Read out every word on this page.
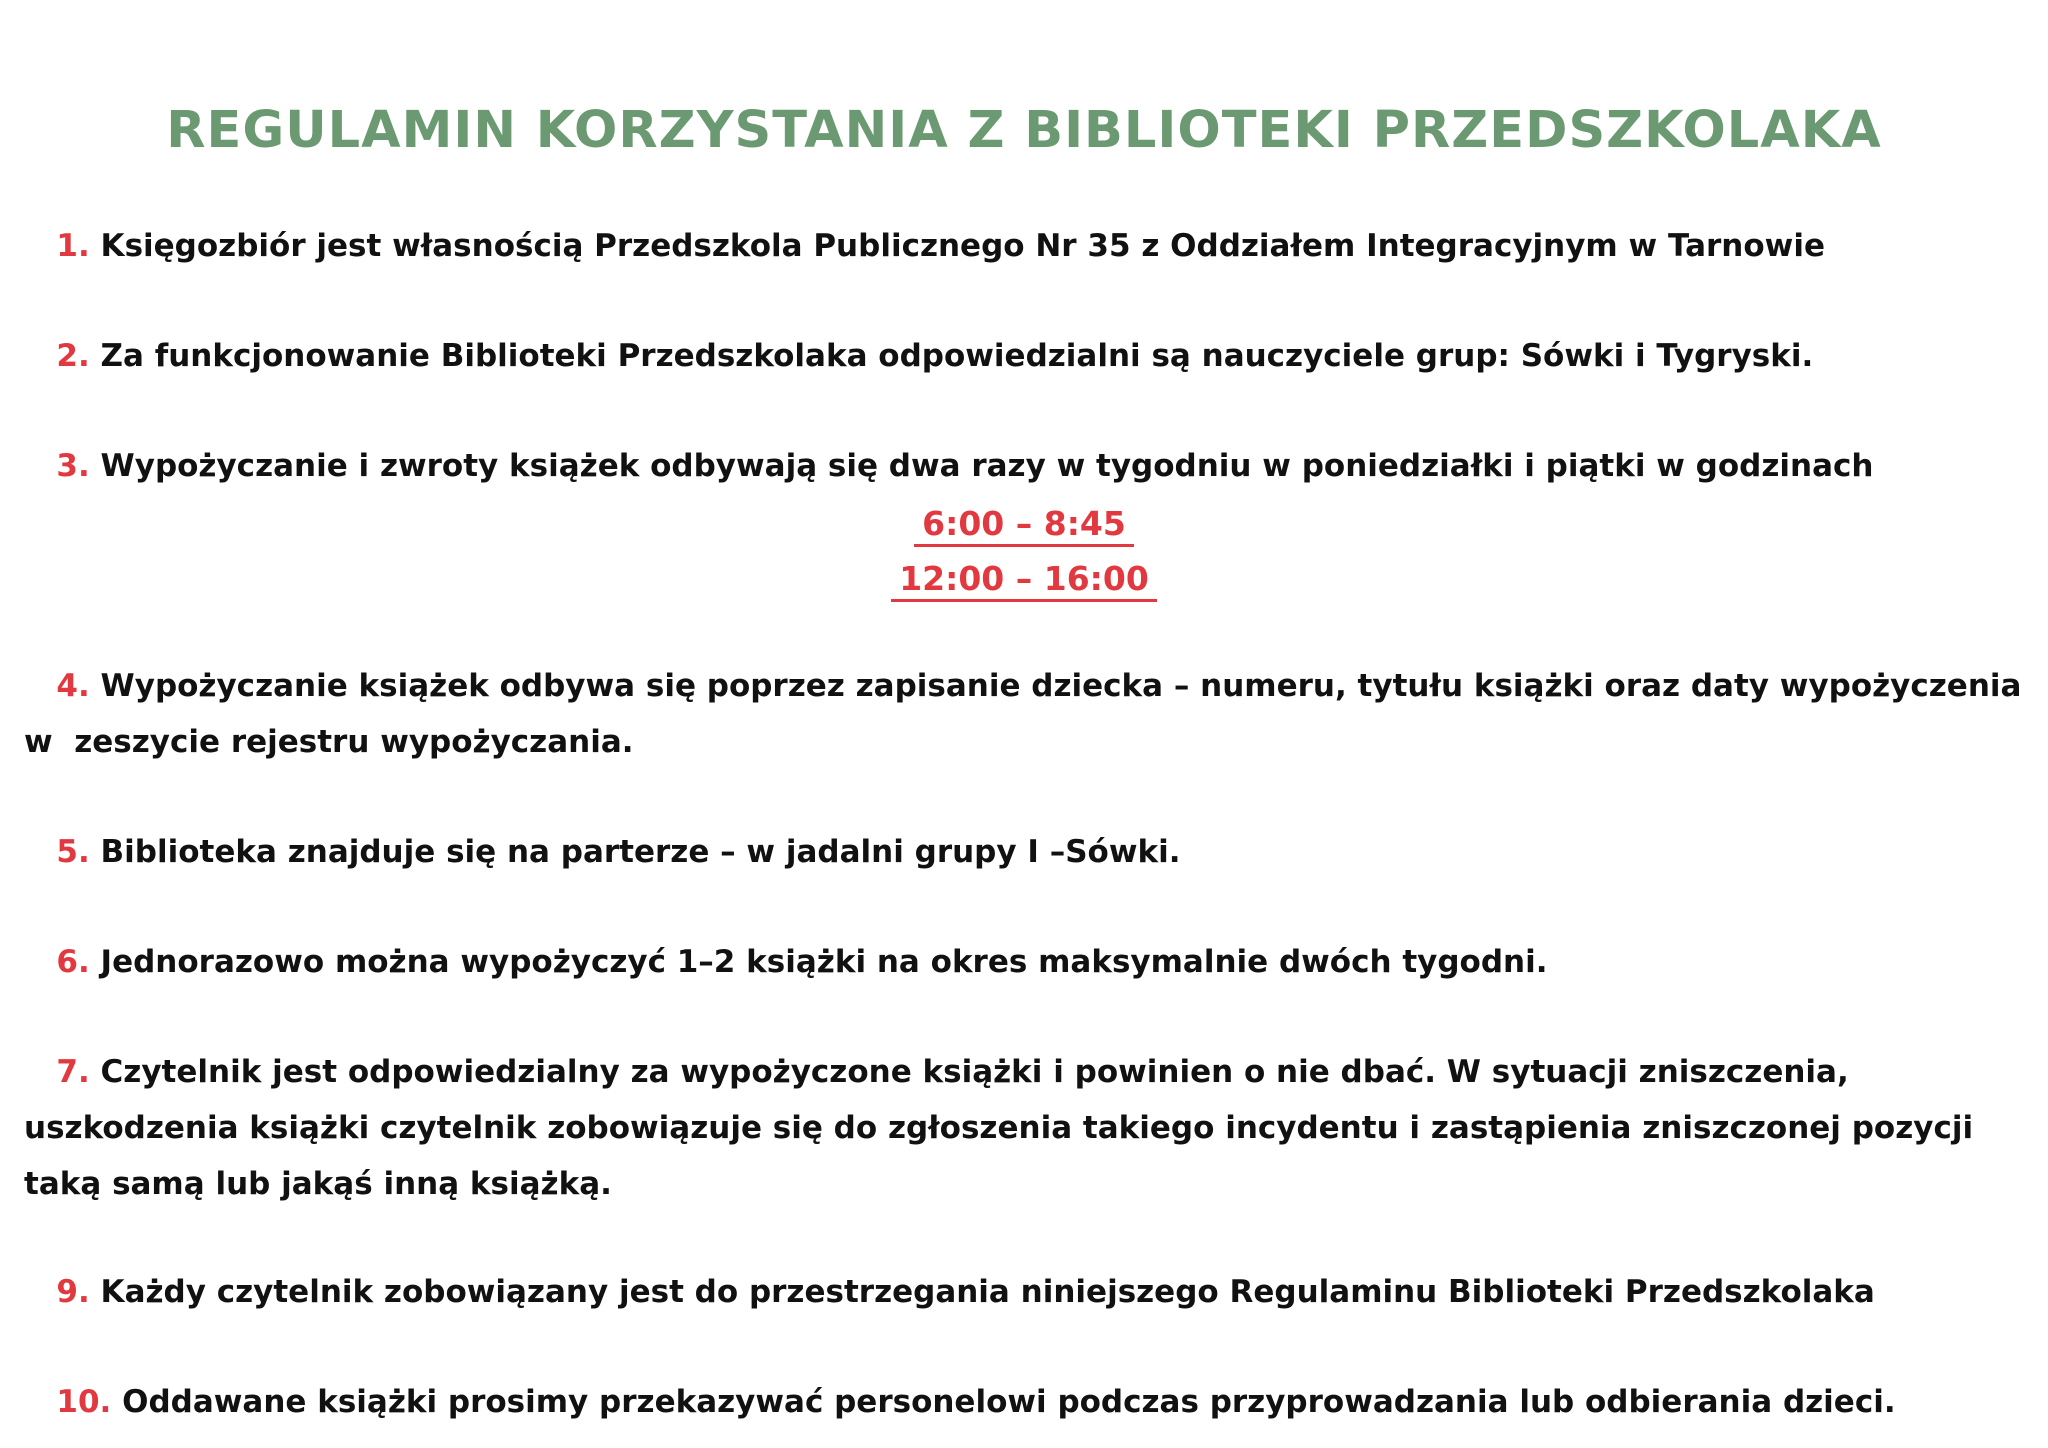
REGULAMIN KORZYSTANIA Z BIBLIOTEKI PRZEDSZKOLAKA
​   1. Księgozbiór jest własnością Przedszkola Publicznego Nr 35 z Oddziałem Integracyjnym w Tarnowie
​   2. Za funkcjonowanie Biblioteki Przedszkolaka odpowiedzialni są nauczyciele grup: Sówki i Tygryski.
​   3. Wypożyczanie i zwroty książek odbywają się dwa razy w tygodniu w poniedziałki i piątki w godzinach
6:00 – 8:45
12:00 – 16:00
​   4. Wypożyczanie książek odbywa się poprzez zapisanie dziecka – numeru, tytułu książki oraz daty wypożyczenia w  zeszycie rejestru wypożyczania.
​   5. Biblioteka znajduje się na parterze – w jadalni grupy I –Sówki.
​   6. Jednorazowo można wypożyczyć 1–2 książki na okres maksymalnie dwóch tygodni.
​   7. Czytelnik jest odpowiedzialny za wypożyczone książki i powinien o nie dbać. W sytuacji zniszczenia, uszkodzenia książki czytelnik zobowiązuje się do zgłoszenia takiego incydentu i zastąpienia zniszczonej pozycji taką samą lub jakąś inną książką.
​   9. Każdy czytelnik zobowiązany jest do przestrzegania niniejszego Regulaminu Biblioteki Przedszkolaka
​   10. Oddawane książki prosimy przekazywać personelowi podczas przyprowadzania lub odbierania dzieci.
